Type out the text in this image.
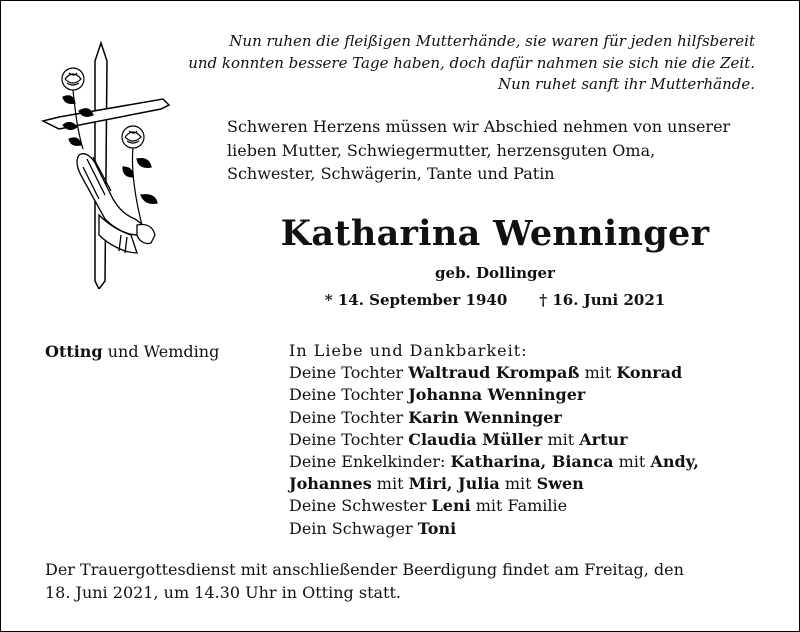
Nun ruhen die fleißigen Mutterhände, sie waren für jeden hilfsbereit
und konnten bessere Tage haben, doch dafür nahmen sie sich nie die Zeit.
Nun ruhet sanft ihr Mutterhände.
Schweren Herzens müssen wir Abschied nehmen von unserer
lieben Mutter, Schwiegermutter, herzensguten Oma,
Schwester, Schwägerin, Tante und Patin
Katharina Wenninger
geb. Dollinger
* 14. September 1940 † 16. Juni 2021
Otting und Wemding	In Liebe und Dankbarkeit:
Deine Tochter Waltraud Krompaß mit Konrad
Deine Tochter Johanna Wenninger
Deine Tochter Karin Wenninger
Deine Tochter Claudia Müller mit Artur
Deine Enkelkinder: Katharina, Bianca mit Andy,
Johannes mit Miri, Julia mit Swen
Deine Schwester Leni mit Familie
Dein Schwager Toni
Der Trauergottesdienst mit anschließender Beerdigung findet am Freitag, den
18. Juni 2021, um 14.30 Uhr in Otting statt.
